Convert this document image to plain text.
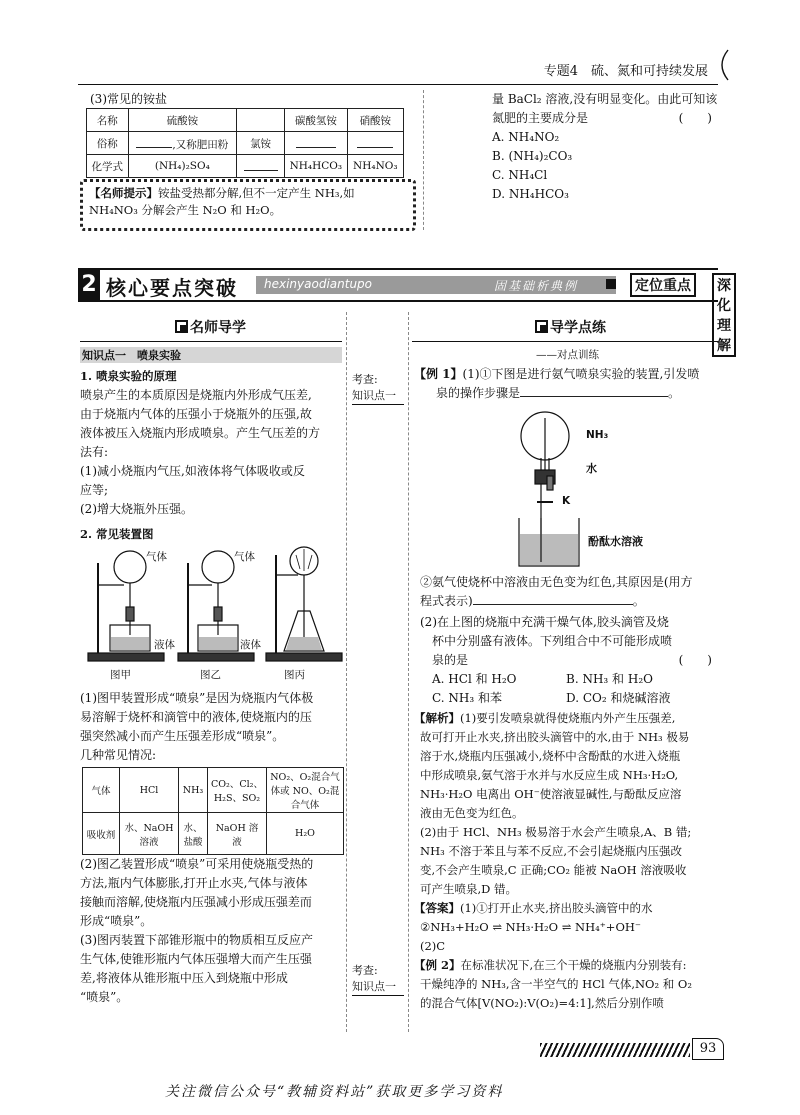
专题4　硫、氮和可持续发展
(3)常见的铵盐
名称	硫酸铵		碳酸氢铵	硝酸铵
俗称	,又称肥田粉	氯铵		
化学式	(NH₄)₂SO₄		NH₄HCO₃	NH₄NO₃
【名师提示】铵盐受热都分解,但不一定产生 NH₃,如 NH₄NO₃ 分解会产生 N₂O 和 H₂O。
量 BaCl₂ 溶液,没有明显变化。由此可知该
氮肥的主要成分是	(　　)
A. NH₄NO₂
B. (NH₄)₂CO₃
C. NH₄Cl
D. NH₄HCO₃
2 核心要点突破 hexinyaodiantupo	固基础析典例	定位重点	深化理解
名师导学
知识点一　喷泉实验
1. 喷泉实验的原理
喷泉产生的本质原因是烧瓶内外形成气压差,
由于烧瓶内气体的压强小于烧瓶外的压强,故
液体被压入烧瓶内形成喷泉。产生气压差的方
法有:
(1)减小烧瓶内气压,如液体将气体吸收或反
应等;
(2)增大烧瓶外压强。
2. 常见装置图
气体	气体
液体	液体
图甲	图乙	图丙
(1)图甲装置形成“喷泉”是因为烧瓶内气体极
易溶解于烧杯和滴管中的液体,使烧瓶内的压
强突然减小而产生压强差形成“喷泉”。
几种常见情况:
气体	HCl	NH₃	CO₂、Cl₂、H₂S、SO₂	NO₂、O₂混合气体或 NO、O₂混合气体
吸收剂	水、NaOH 溶液	水、盐酸	NaOH 溶液	H₂O
(2)图乙装置形成“喷泉”可采用使烧瓶受热的
方法,瓶内气体膨胀,打开止水夹,气体与液体
接触而溶解,使烧瓶内压强减小形成压强差而
形成“喷泉”。
(3)图丙装置下部锥形瓶中的物质相互反应产
生气体,使锥形瓶内气体压强增大而产生压强
差,将液体从锥形瓶中压入到烧瓶中形成
“喷泉”。
考查:
知识点一
考查:
知识点一
导学点练
——对点训练
【例 1】(1)①下图是进行氨气喷泉实验的装置,引发喷
泉的操作步骤是	。
NH₃
水
K
酚酞水溶液
②氨气使烧杯中溶液由无色变为红色,其原因是(用方
程式表示)	。
(2)在上图的烧瓶中充满干燥气体,胶头滴管及烧
杯中分别盛有液体。下列组合中不可能形成喷
泉的是	(　　)
A. HCl 和 H₂O	B. NH₃ 和 H₂O
C. NH₃ 和苯	D. CO₂ 和烧碱溶液
【解析】(1)要引发喷泉就得使烧瓶内外产生压强差,
故可打开止水夹,挤出胶头滴管中的水,由于 NH₃ 极易
溶于水,烧瓶内压强减小,烧杯中含酚酞的水进入烧瓶
中形成喷泉,氨气溶于水并与水反应生成 NH₃·H₂O,
NH₃·H₂O 电离出 OH⁻使溶液显碱性,与酚酞反应溶
液由无色变为红色。
(2)由于 HCl、NH₃ 极易溶于水会产生喷泉,A、B 错;
NH₃ 不溶于苯且与苯不反应,不会引起烧瓶内压强改
变,不会产生喷泉,C 正确;CO₂ 能被 NaOH 溶液吸收
可产生喷泉,D 错。
【答案】(1)①打开止水夹,挤出胶头滴管中的水
②NH₃+H₂O ⇌ NH₃·H₂O ⇌ NH₄⁺+OH⁻
(2)C
【例 2】在标准状况下,在三个干燥的烧瓶内分别装有:
干燥纯净的 NH₃,含一半空气的 HCl 气体,NO₂ 和 O₂
的混合气体[V(NO₂):V(O₂)=4:1],然后分别作喷
93
关注微信公众号“教辅资料站”获取更多学习资料
